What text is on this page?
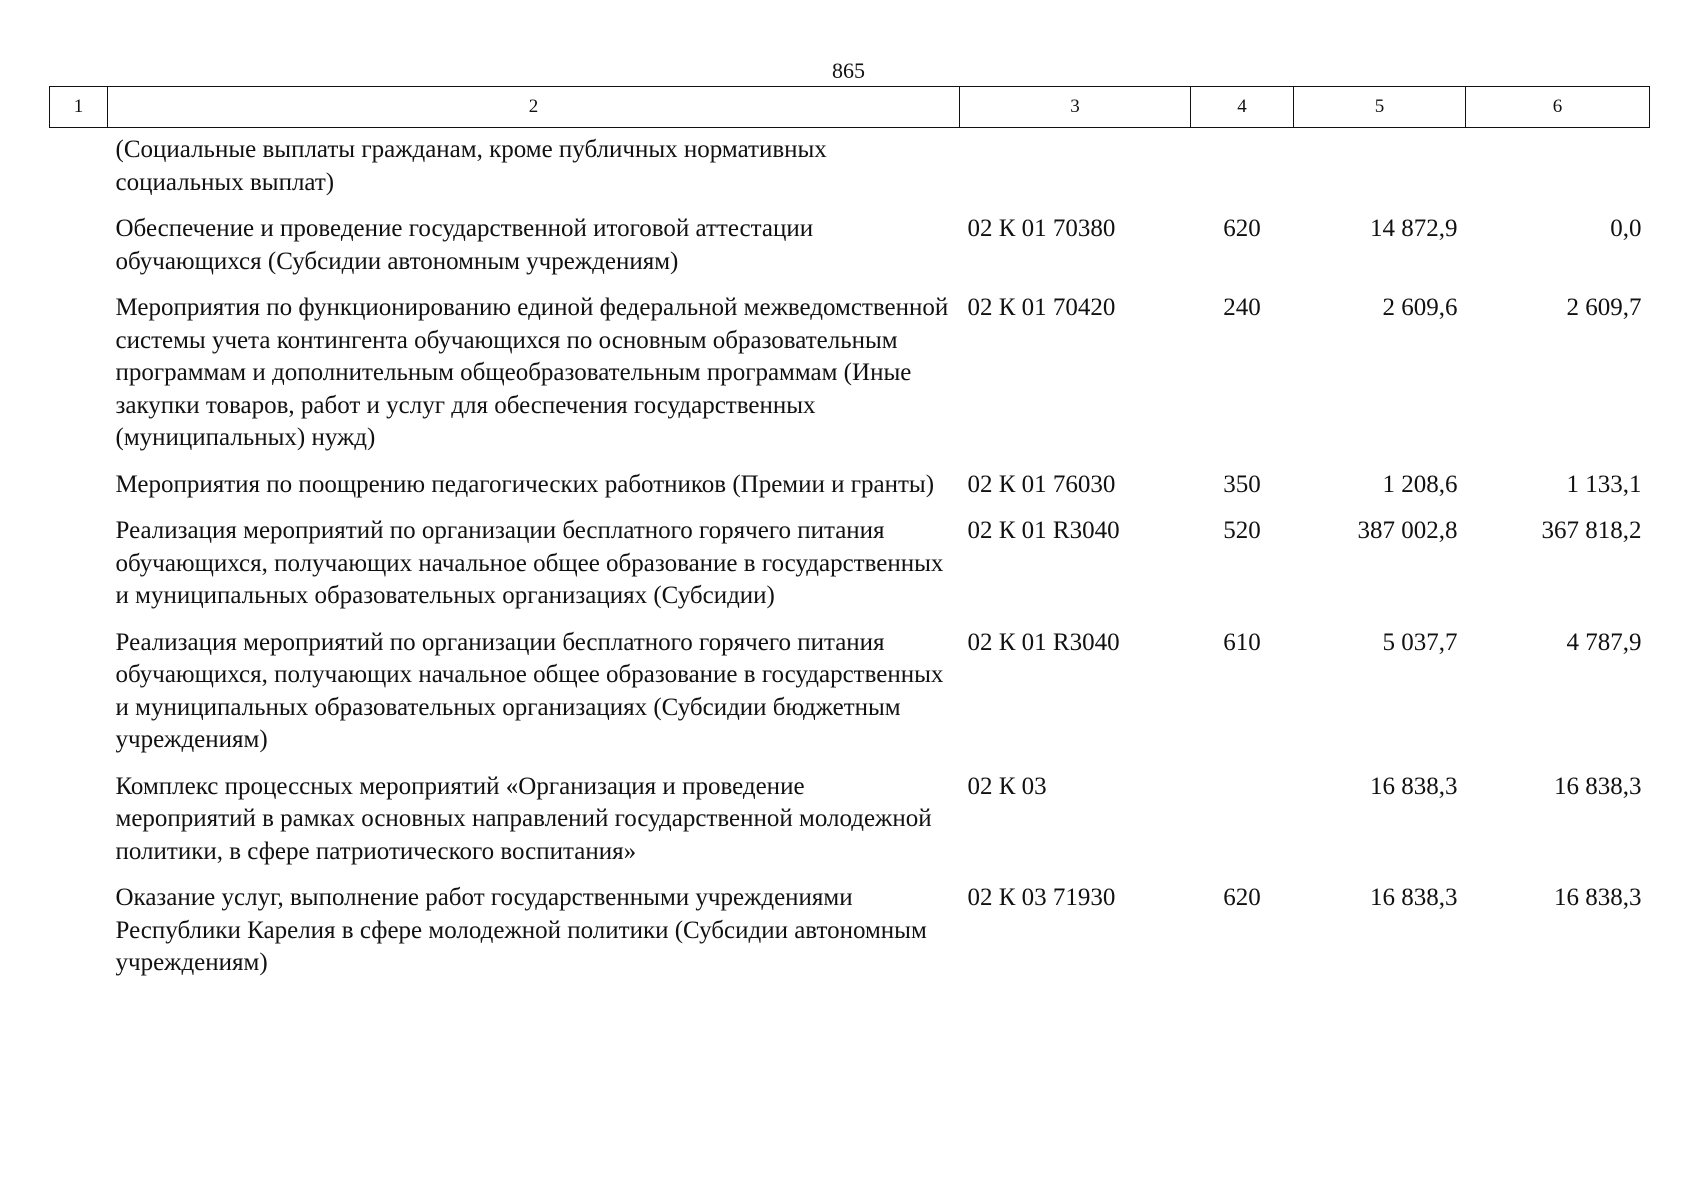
865
1	2	3	4	5	6
(Социальные выплаты гражданам, кроме публичных нормативных социальных выплат)					
Обеспечение и проведение государственной итоговой аттестации обучающихся (Субсидии автономным учреждениям)		02 К 01 70380	620	14 872,9	0,0
Мероприятия по функционированию единой федеральной межведомственной системы учета контингента обучающихся по основным образовательным программам и дополнительным общеобразовательным программам (Иные закупки товаров, работ и услуг для обеспечения государственных (муниципальных) нужд)		02 К 01 70420	240	2 609,6	2 609,7
Мероприятия по поощрению педагогических работников (Премии и гранты)		02 К 01 76030	350	1 208,6	1 133,1
Реализация мероприятий по организации бесплатного горячего питания обучающихся, получающих начальное общее образование в государственных и муниципальных образовательных организациях (Субсидии)		02 К 01 R3040	520	387 002,8	367 818,2
Реализация мероприятий по организации бесплатного горячего питания обучающихся, получающих начальное общее образование в государственных и муниципальных образовательных организациях (Субсидии бюджетным учреждениям)		02 К 01 R3040	610	5 037,7	4 787,9
Комплекс процессных мероприятий «Организация и проведение мероприятий в рамках основных направлений государственной молодежной политики, в сфере патриотического воспитания»		02 К 03		16 838,3	16 838,3
Оказание услуг, выполнение работ государственными учреждениями Республики Карелия в сфере молодежной политики (Субсидии автономным учреждениям)		02 К 03 71930	620	16 838,3	16 838,3
